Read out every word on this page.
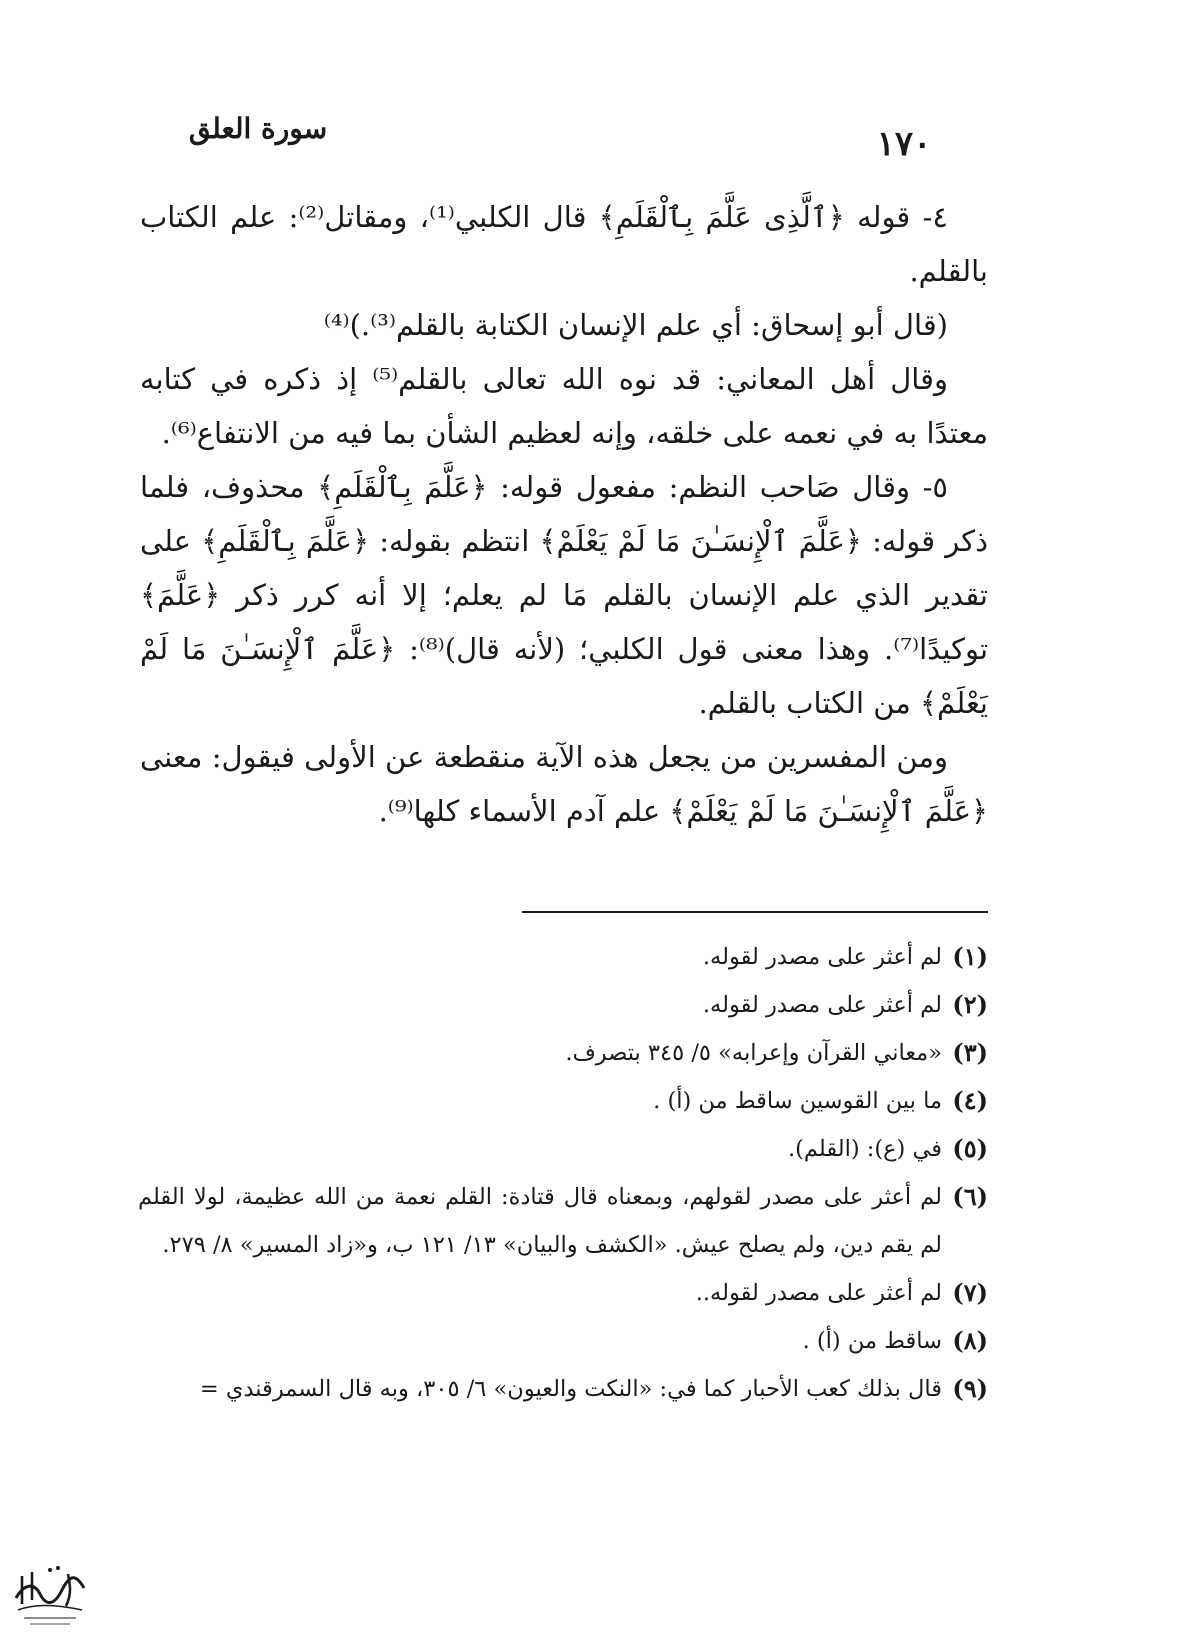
سورة العلق	١٧٠

٤- قوله ﴿ٱلَّذِى عَلَّمَ بِٱلْقَلَمِ﴾ قال الكلبي⁽¹⁾، ومقاتل⁽²⁾: علم الكتاب بالقلم.

(قال أبو إسحاق: أي علم الإنسان الكتابة بالقلم⁽³⁾.)⁽⁴⁾

وقال أهل المعاني: قد نوه الله تعالى بالقلم⁽⁵⁾ إذ ذكره في كتابه معتدًا به في نعمه على خلقه، وإنه لعظيم الشأن بما فيه من الانتفاع⁽⁶⁾.

٥- وقال صَاحب النظم: مفعول قوله: ﴿عَلَّمَ بِٱلْقَلَمِ﴾ محذوف، فلما ذكر قوله: ﴿عَلَّمَ ٱلْإِنسَـٰنَ مَا لَمْ يَعْلَمْ﴾ انتظم بقوله: ﴿عَلَّمَ بِٱلْقَلَمِ﴾ على تقدير الذي علم الإنسان بالقلم مَا لم يعلم؛ إلا أنه كرر ذكر ﴿عَلَّمَ﴾ توكيدًا⁽⁷⁾. وهذا معنى قول الكلبي؛ (لأنه قال)⁽⁸⁾: ﴿عَلَّمَ ٱلْإِنسَـٰنَ مَا لَمْ يَعْلَمْ﴾ من الكتاب بالقلم.

ومن المفسرين من يجعل هذه الآية منقطعة عن الأولى فيقول: معنى ﴿عَلَّمَ ٱلْإِنسَـٰنَ مَا لَمْ يَعْلَمْ﴾ علم آدم الأسماء كلها⁽⁹⁾.

(١)
لم أعثر على مصدر لقوله.
(٢)
لم أعثر على مصدر لقوله.
(٣)
«معاني القرآن وإعرابه» ٥/ ٣٤٥ بتصرف.
(٤)
ما بين القوسين ساقط من (أ) .
(٥)
في (ع): (القلم).
(٦)
لم أعثر على مصدر لقولهم، وبمعناه قال قتادة: القلم نعمة من الله عظيمة، لولا القلم لم يقم دين، ولم يصلح عيش. «الكشف والبيان» ١٣/ ١٢١ ب، و«زاد المسير» ٨/ ٢٧٩.
(٧)
لم أعثر على مصدر لقوله..
(٨)
ساقط من (أ) .
(٩)
قال بذلك كعب الأحبار كما في: «النكت والعيون» ٦/ ٣٠٥، وبه قال السمرقندي =
